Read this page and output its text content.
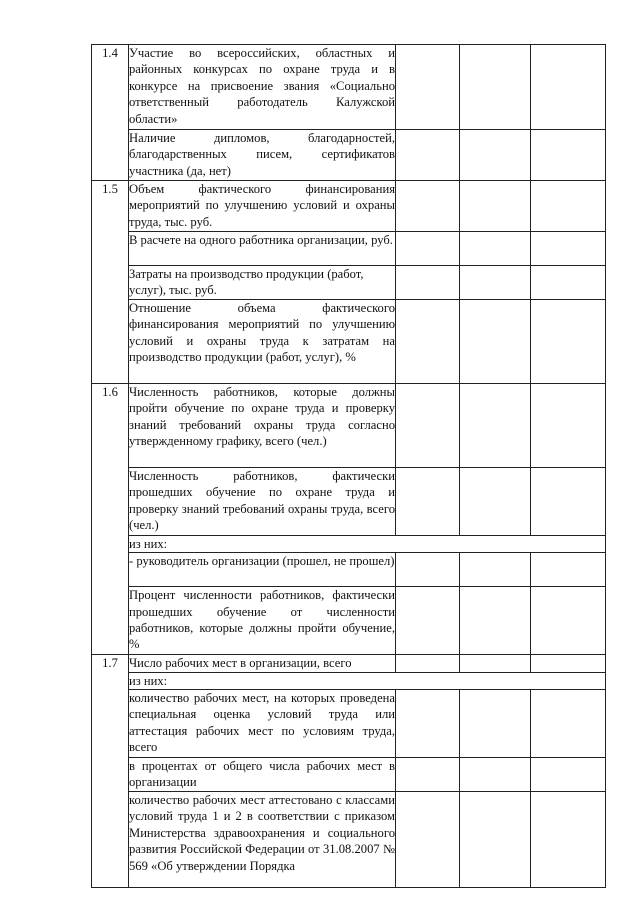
1.4	Участие во всероссийских, областных и районных конкурсах по охране труда и в конкурсе на присвоение звания «Социально ответственный работодатель Калужской области»			
	Наличие дипломов, благодарностей, благодарственных писем, сертификатов участника (да, нет)			
1.5	Объем фактического финансирования мероприятий по улучшению условий и охраны труда, тыс. руб.			
	В расчете на одного работника организации, руб.			
	Затраты на производство продукции (работ, услуг), тыс. руб.			
	Отношение объема фактического финансирования мероприятий по улучшению условий и охраны труда к затратам на производство продукции (работ, услуг), %			
1.6	Численность работников, которые должны пройти обучение по охране труда и проверку знаний требований охраны труда согласно утвержденному графику, всего (чел.)			
	Численность работников, фактически прошедших обучение по охране труда и проверку знаний требований охраны труда, всего (чел.)			
	из них:			
	- руководитель организации (прошел, не прошел)			
	Процент численности работников, фактически прошедших обучение от численности работников, которые должны пройти обучение, %			
1.7	Число рабочих мест в организации, всего			
	из них:			
	количество рабочих мест, на которых проведена специальная оценка условий труда или аттестация рабочих мест по условиям труда, всего			
	в процентах от общего числа рабочих мест в организации			
	количество рабочих мест аттестовано с классами условий труда 1 и 2 в соответствии с приказом Министерства здравоохранения и социального развития Российской Федерации от 31.08.2007 № 569 «Об утверждении Порядка			
